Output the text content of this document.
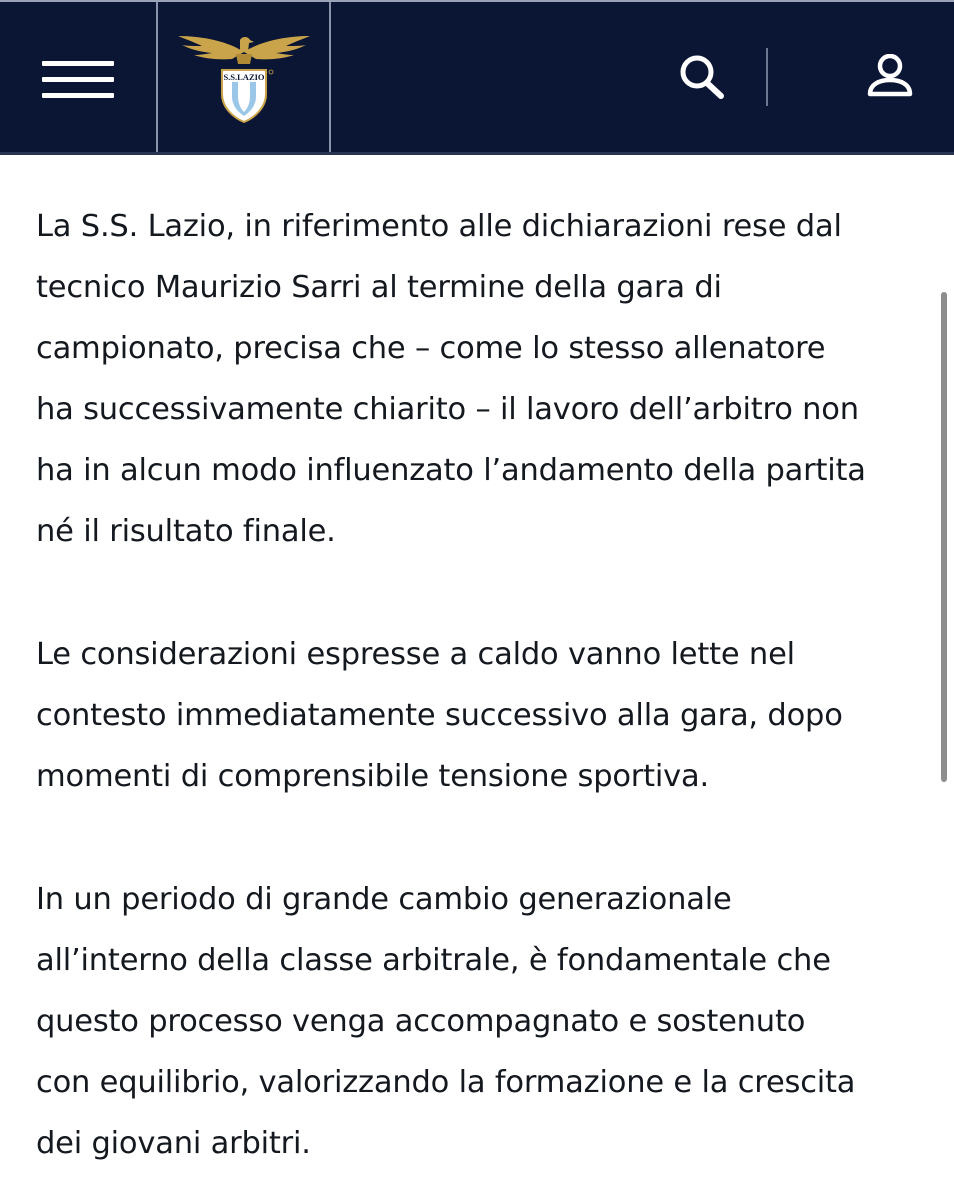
S.S.LAZIO

La S.S. Lazio, in riferimento alle dichiarazioni rese dal
tecnico Maurizio Sarri al termine della gara di
campionato, precisa che – come lo stesso allenatore
ha successivamente chiarito – il lavoro dell’arbitro non
ha in alcun modo influenzato l’andamento della partita
né il risultato finale.

Le considerazioni espresse a caldo vanno lette nel
contesto immediatamente successivo alla gara, dopo
momenti di comprensibile tensione sportiva.

In un periodo di grande cambio generazionale
all’interno della classe arbitrale, è fondamentale che
questo processo venga accompagnato e sostenuto
con equilibrio, valorizzando la formazione e la crescita
dei giovani arbitri.
